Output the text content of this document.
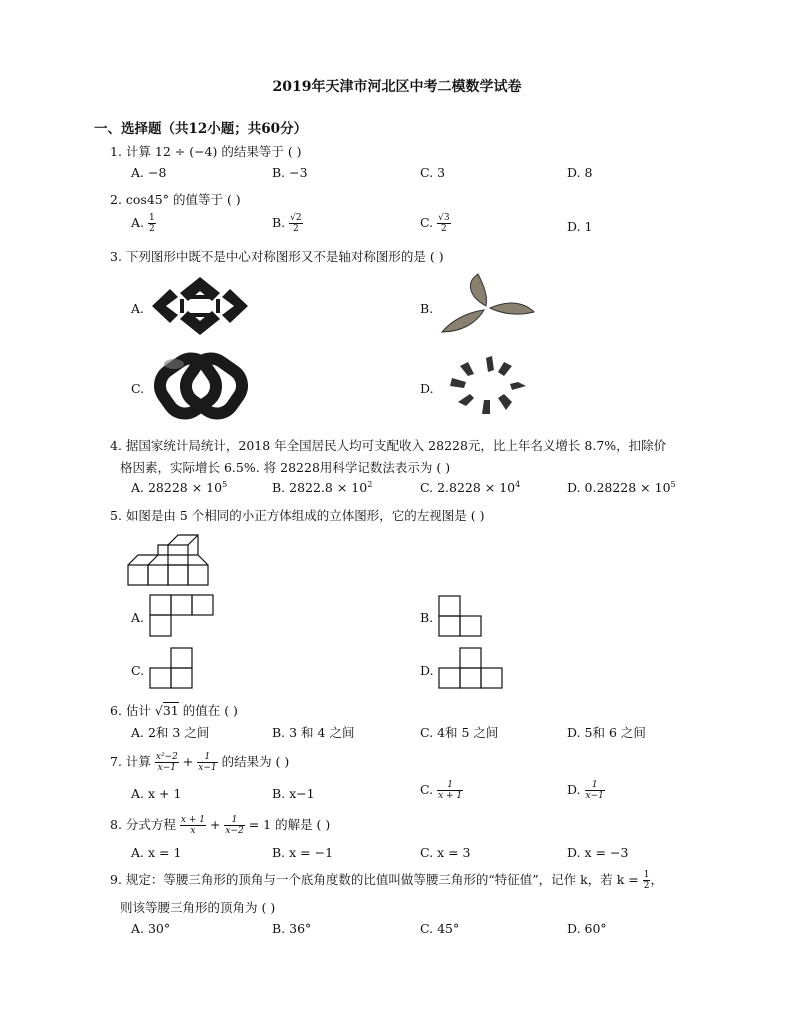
2019年天津市河北区中考二模数学试卷
一、选择题（共12小题；共60分）
1. 计算 12 ÷ (−4) 的结果等于 ( )
A. −8	B. −3	C. 3	D. 8
2. cos45° 的值等于 ( )
A. $\frac{1}{2}$	B. $\frac{√2}{2}$	C. $\frac{√3}{2}$	D. 1
3. 下列图形中既不是中心对称图形又不是轴对称图形的是 ( )
A.	B.
C.	D.
4. 据国家统计局统计，2018 年全国居民人均可支配收入 28228元，比上年名义增长 8.7%，扣除价
格因素，实际增长 6.5%. 将 28228用科学记数法表示为 ( )
A. $28228 \times 10^5$	B. $2822.8 \times 10^2$	C. $2.8228 \times 10^4$	D. $0.28228 \times 10^5$
5. 如图是由 5 个相同的小正方体组成的立体图形，它的左视图是 ( )
A.	B.
C.	D.
6. 估计 √31 的值在 ( )
A. 2和 3 之间	B. 3 和 4 之间	C. 4和 5 之间	D. 5和 6 之间
7. 计算 $\frac{\text{x²−2}}{x-1} + \frac{1}{x-1}$ 的结果为 ( )
A. x + 1	B. x−1	C. $\frac{1}{x + 1}$	D. $\frac{1}{x-1}$
8. 分式方程 $\frac{x + 1}{x} + \frac{1}{x-2} = 1$ 的解是 ( )
A. x = 1	B. x = −1	C. x = 3	D. x = −3
9. 规定：等腰三角形的顶角与一个底角度数的比值叫做等腰三角形的“特征值”，记作 k，若 $k = \frac{1}{2}$ ，
则该等腰三角形的顶角为 ( )
A. 30°	B. 36°	C. 45°	D. 60°
